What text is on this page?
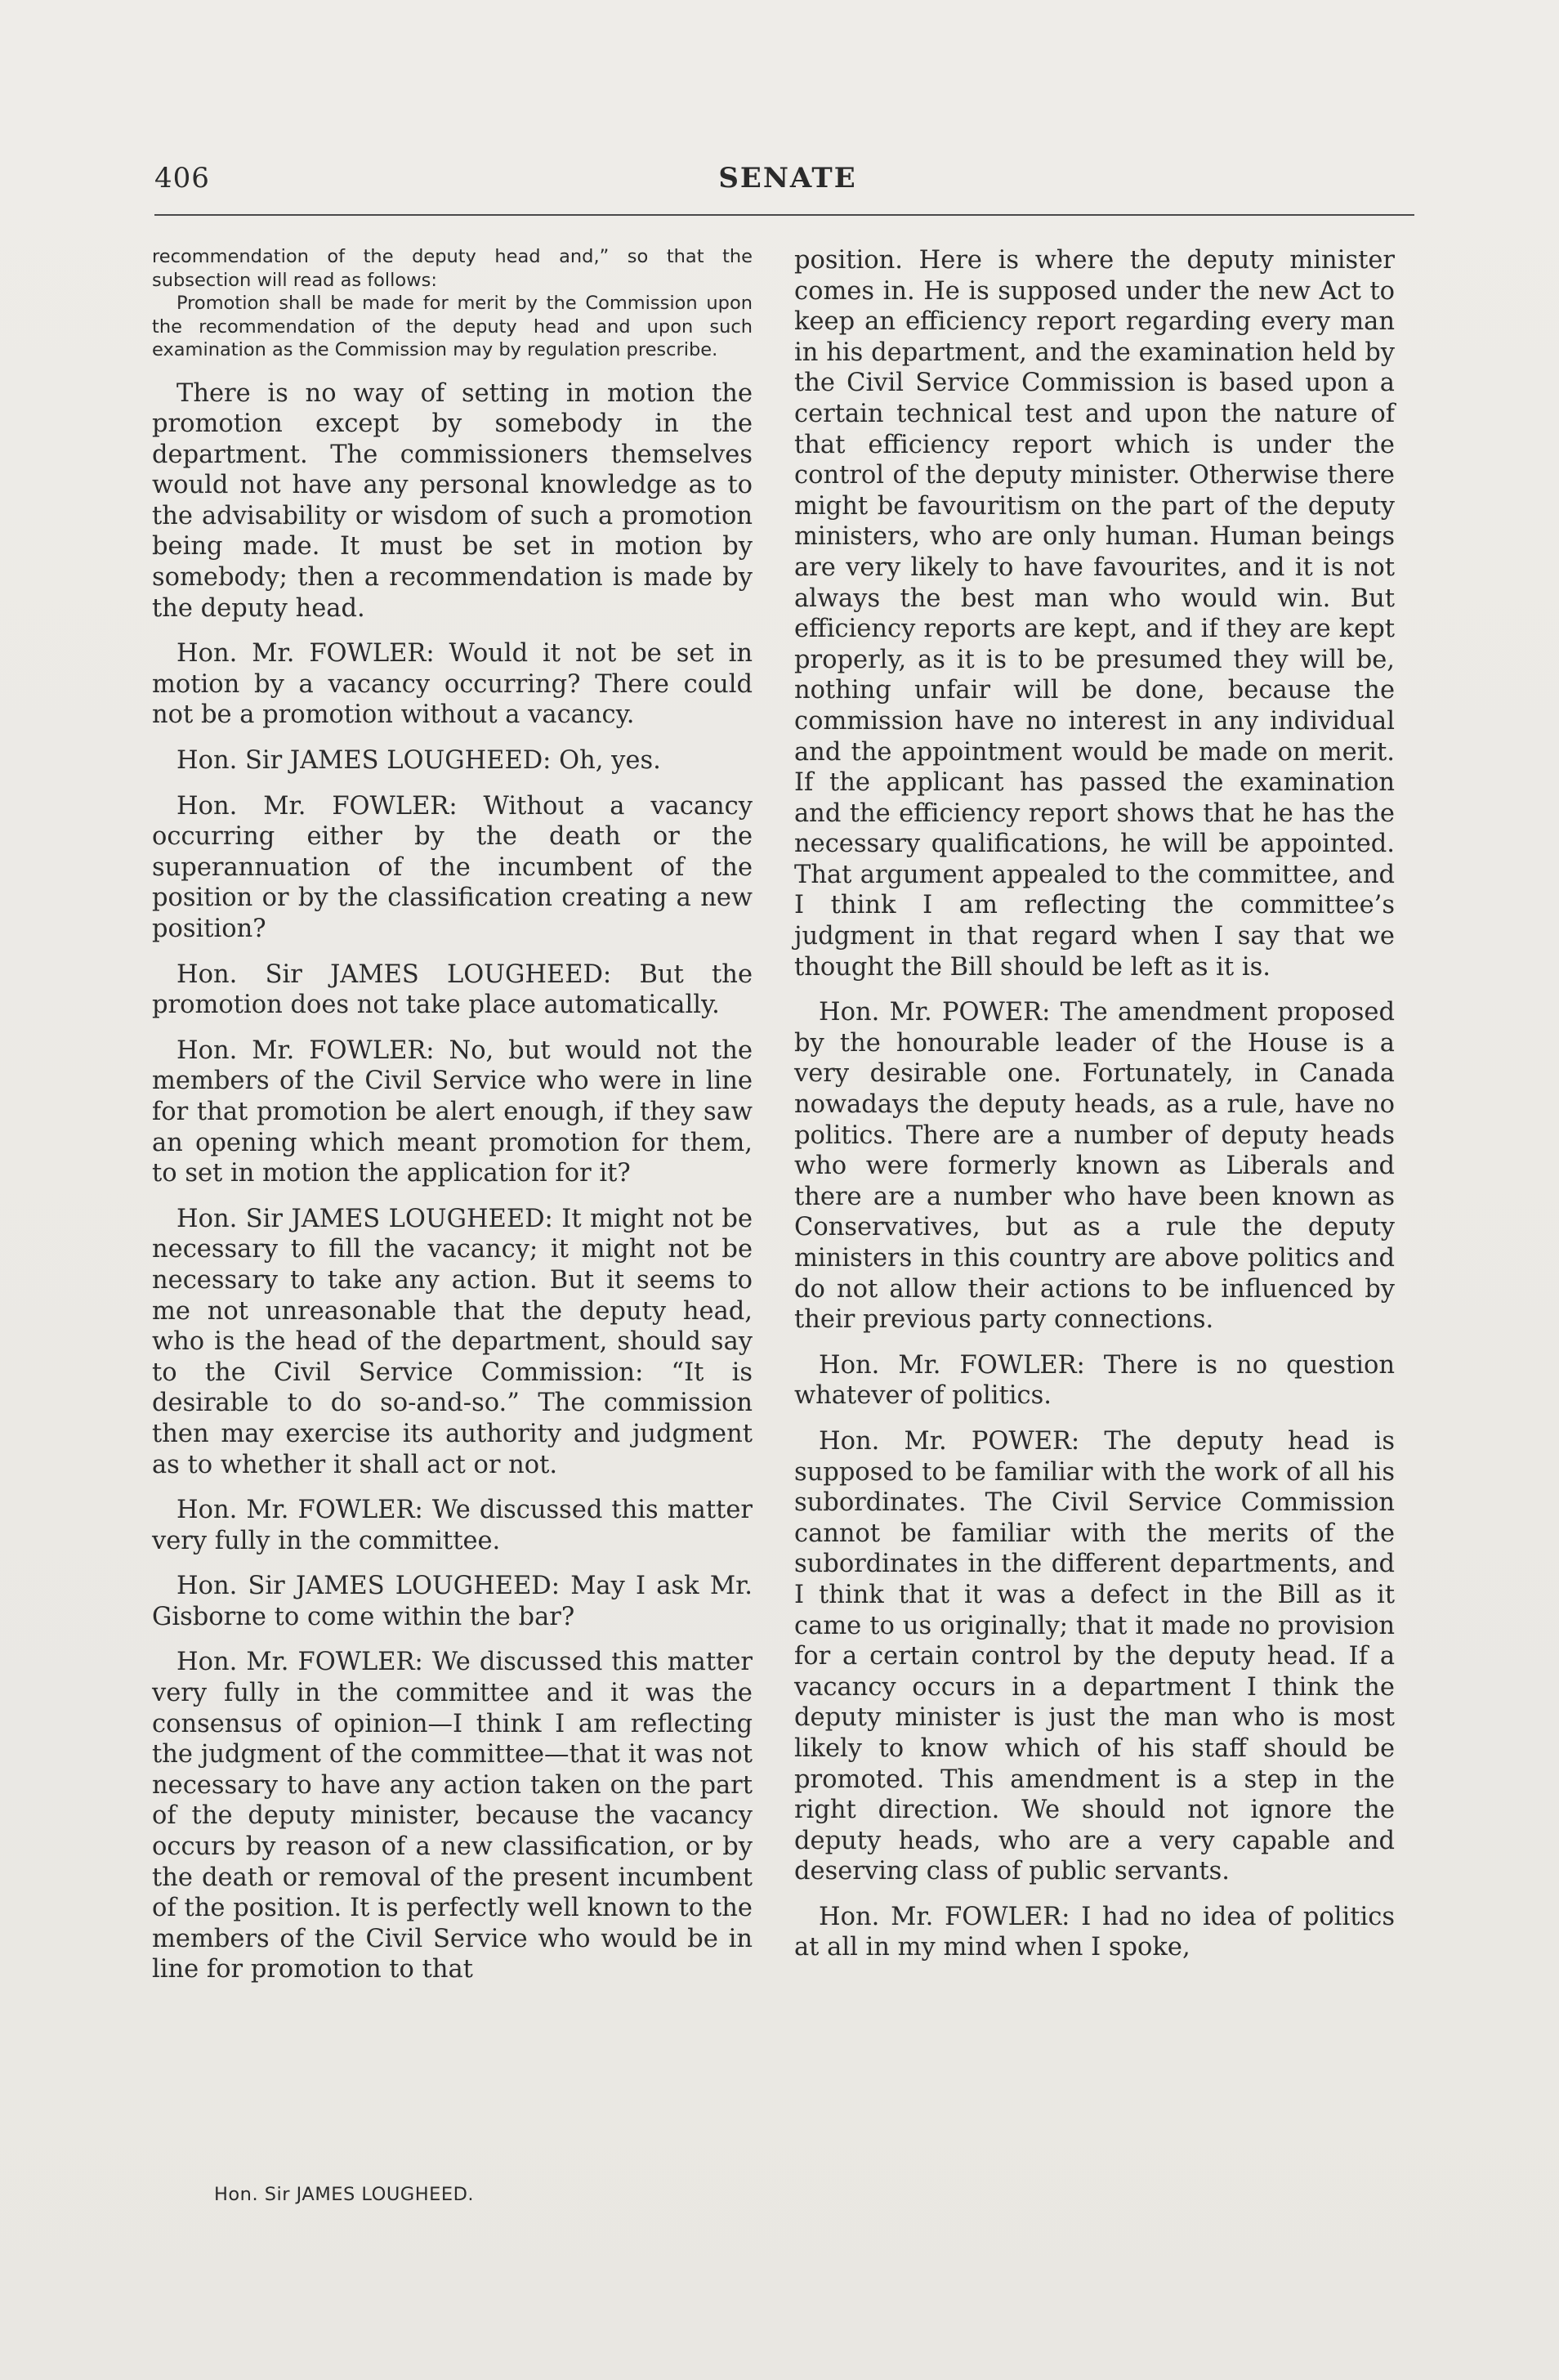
406	SENATE

recommendation of the deputy head and,” so that the subsection will read as follows:

Promotion shall be made for merit by the Commission upon the recommendation of the deputy head and upon such examination as the Commission may by regulation prescribe.

There is no way of setting in motion the promotion except by somebody in the department. The commissioners themselves would not have any personal knowledge as to the advisability or wisdom of such a promotion being made. It must be set in motion by somebody; then a recommendation is made by the deputy head.

Hon. Mr. FOWLER: Would it not be set in motion by a vacancy occurring? There could not be a promotion without a vacancy.

Hon. Sir JAMES LOUGHEED: Oh, yes.

Hon. Mr. FOWLER: Without a vacancy occurring either by the death or the superannuation of the incumbent of the position or by the classification creating a new position?

Hon. Sir JAMES LOUGHEED: But the promotion does not take place automatically.

Hon. Mr. FOWLER: No, but would not the members of the Civil Service who were in line for that promotion be alert enough, if they saw an opening which meant promotion for them, to set in motion the application for it?

Hon. Sir JAMES LOUGHEED: It might not be necessary to fill the vacancy; it might not be necessary to take any action. But it seems to me not unreasonable that the deputy head, who is the head of the department, should say to the Civil Service Commission: “It is desirable to do so-and-so.” The commission then may exercise its authority and judgment as to whether it shall act or not.

Hon. Mr. FOWLER: We discussed this matter very fully in the committee.

Hon. Sir JAMES LOUGHEED: May I ask Mr. Gisborne to come within the bar?

Hon. Mr. FOWLER: We discussed this matter very fully in the committee and it was the consensus of opinion—I think I am reflecting the judgment of the committee—that it was not necessary to have any action taken on the part of the deputy minister, because the vacancy occurs by reason of a new classification, or by the death or removal of the present incumbent of the position. It is perfectly well known to the members of the Civil Service who would be in line for promotion to that

position. Here is where the deputy minister comes in. He is supposed under the new Act to keep an efficiency report regarding every man in his department, and the examination held by the Civil Service Commission is based upon a certain technical test and upon the nature of that efficiency report which is under the control of the deputy minister. Otherwise there might be favouritism on the part of the deputy ministers, who are only human. Human beings are very likely to have favourites, and it is not always the best man who would win. But efficiency reports are kept, and if they are kept properly, as it is to be presumed they will be, nothing unfair will be done, because the commission have no interest in any individual and the appointment would be made on merit. If the applicant has passed the examination and the efficiency report shows that he has the necessary qualifications, he will be appointed. That argument appealed to the committee, and I think I am reflecting the committee’s judgment in that regard when I say that we thought the Bill should be left as it is.

Hon. Mr. POWER: The amendment proposed by the honourable leader of the House is a very desirable one. Fortunately, in Canada nowadays the deputy heads, as a rule, have no politics. There are a number of deputy heads who were formerly known as Liberals and there are a number who have been known as Conservatives, but as a rule the deputy ministers in this country are above politics and do not allow their actions to be influenced by their previous party connections.

Hon. Mr. FOWLER: There is no question whatever of politics.

Hon. Mr. POWER: The deputy head is supposed to be familiar with the work of all his subordinates. The Civil Service Commission cannot be familiar with the merits of the subordinates in the different departments, and I think that it was a defect in the Bill as it came to us originally; that it made no provision for a certain control by the deputy head. If a vacancy occurs in a department I think the deputy minister is just the man who is most likely to know which of his staff should be promoted. This amendment is a step in the right direction. We should not ignore the deputy heads, who are a very capable and deserving class of public servants.

Hon. Mr. FOWLER: I had no idea of politics at all in my mind when I spoke,

Hon. Sir JAMES LOUGHEED.
